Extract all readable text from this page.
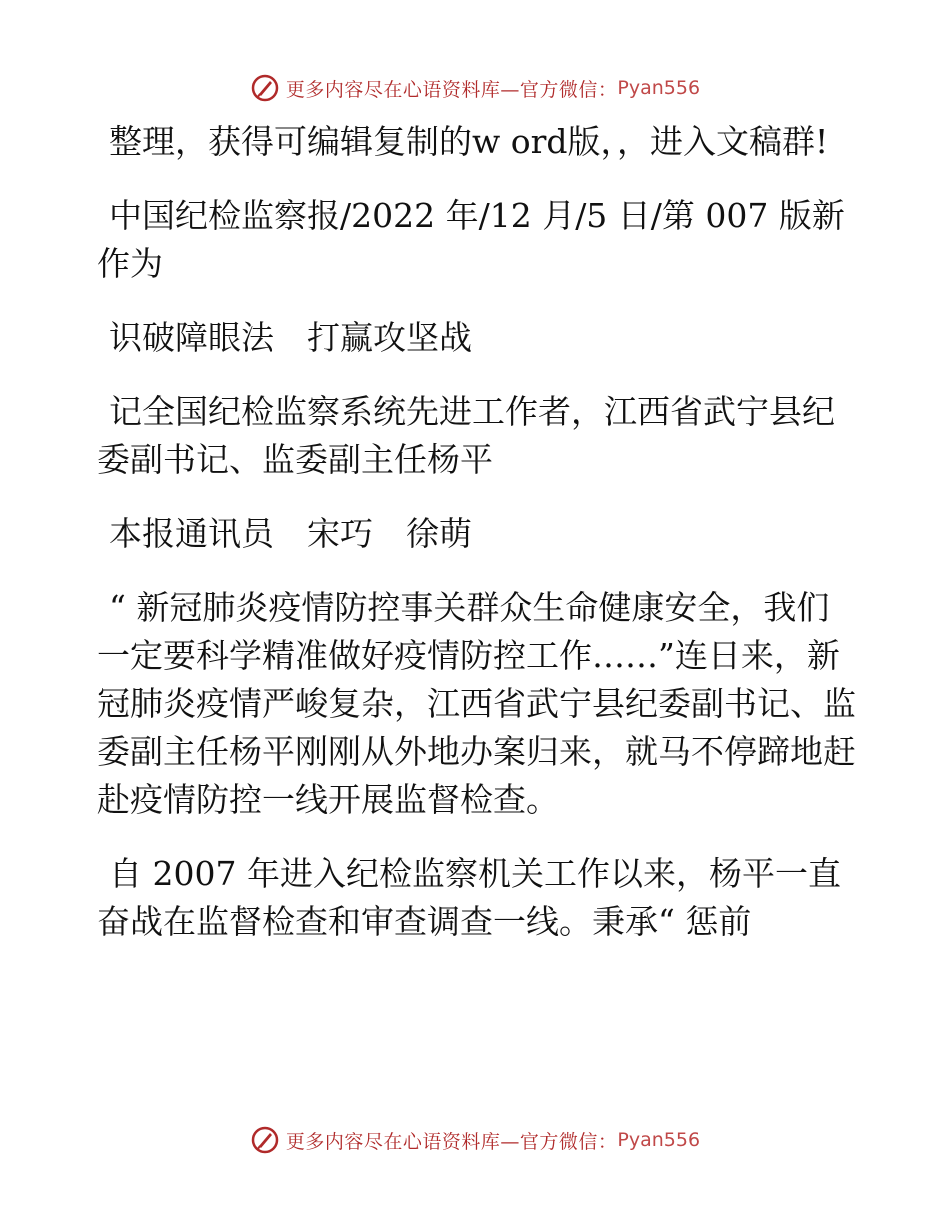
更多内容尽在心语资料库—官方微信： Pyan556

整理，获得可编辑复制的w ord版，，进入文稿群!

中国纪检监察报/2022 年/12 月/5 日/第 007 版新作为

识破障眼法　打赢攻坚战

记全国纪检监察系统先进工作者，江西省武宁县纪委副书记、监委副主任杨平

本报通讯员　宋巧　徐萌

“ 新冠肺炎疫情防控事关群众生命健康安全，我们一定要科学精准做好疫情防控工作……”连日来，新冠肺炎疫情严峻复杂，江西省武宁县纪委副书记、监委副主任杨平刚刚从外地办案归来，就马不停蹄地赶赴疫情防控一线开展监督检查。

自 2007 年进入纪检监察机关工作以来，杨平一直奋战在监督检查和审查调查一线。秉承“ 惩前

更多内容尽在心语资料库—官方微信： Pyan556
